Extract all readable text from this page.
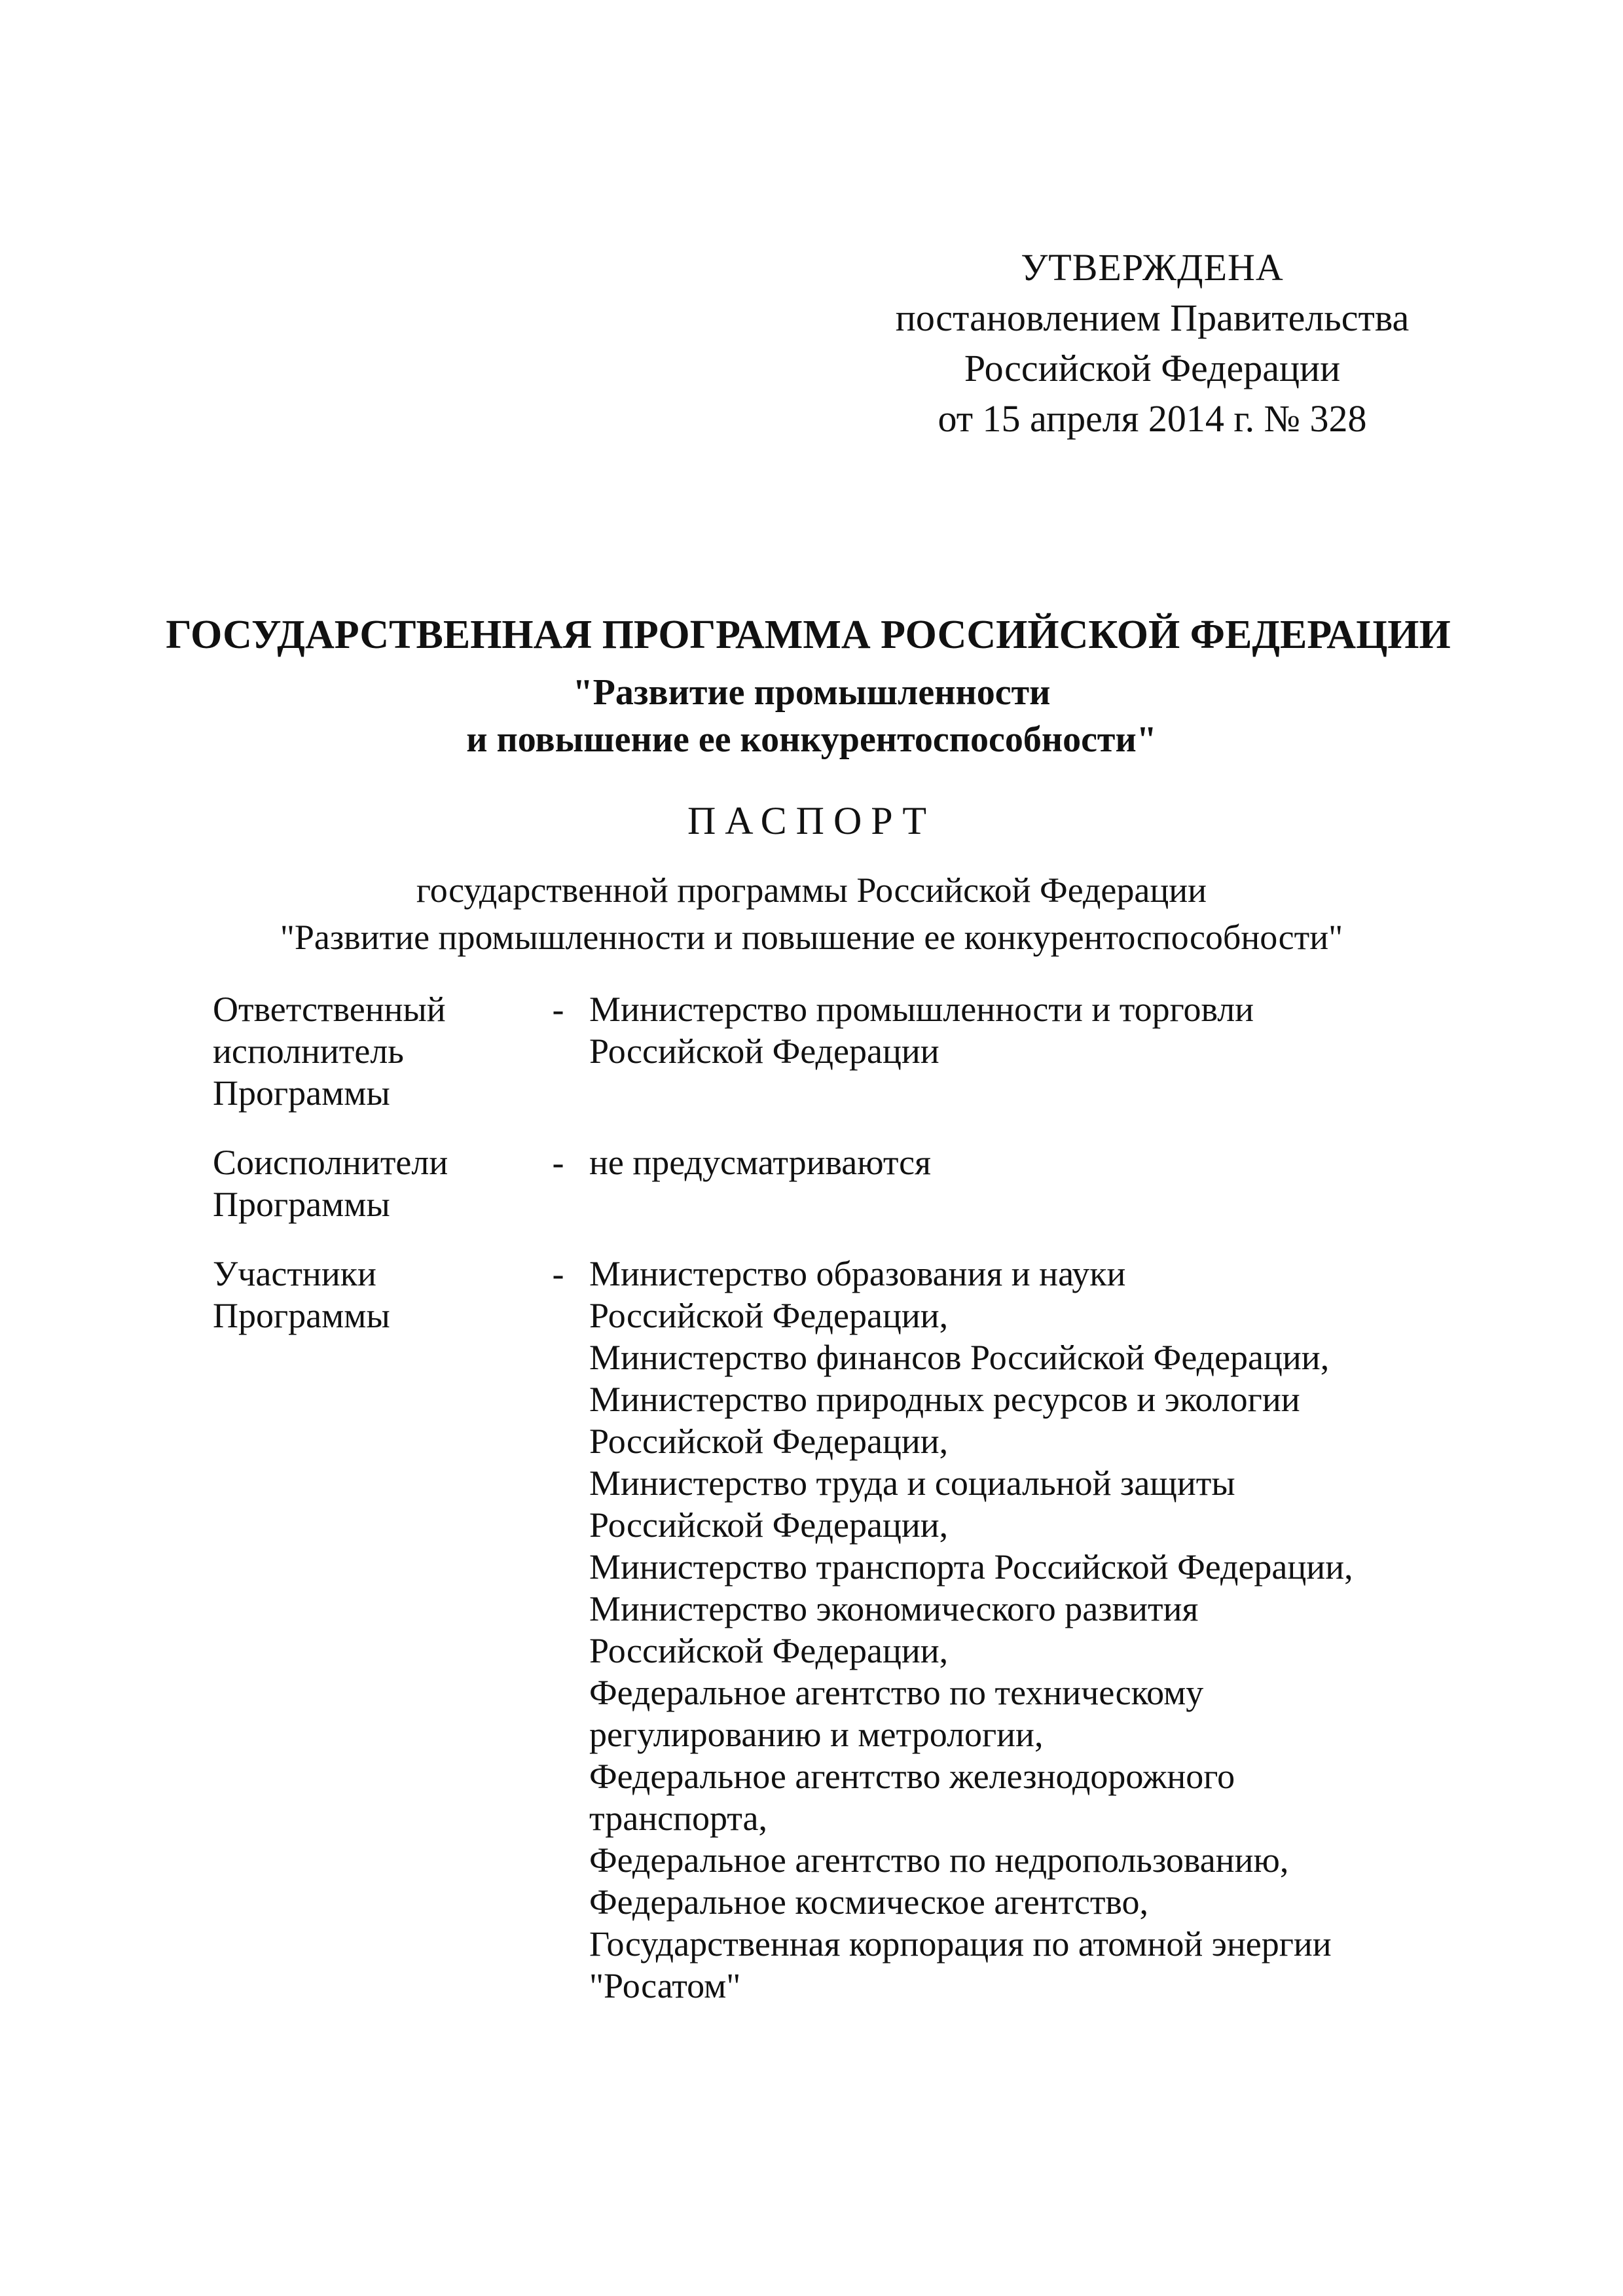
УТВЕРЖДЕНА
постановлением Правительства
Российской Федерации
от 15 апреля 2014 г. № 328
ГОСУДАРСТВЕННАЯ ПРОГРАММА РОССИЙСКОЙ ФЕДЕРАЦИИ
"Развитие промышленности
и повышение ее конкурентоспособности"
ПАСПОРТ
государственной программы Российской Федерации
"Развитие промышленности и повышение ее конкурентоспособности"
Ответственный
исполнитель
Программы
- Министерство промышленности и торговли
Российской Федерации
Соисполнители
Программы
- не предусматриваются
Участники
Программы
- Министерство образования и науки
Российской Федерации,
Министерство финансов Российской Федерации,
Министерство природных ресурсов и экологии
Российской Федерации,
Министерство труда и социальной защиты
Российской Федерации,
Министерство транспорта Российской Федерации,
Министерство экономического развития
Российской Федерации,
Федеральное агентство по техническому
регулированию и метрологии,
Федеральное агентство железнодорожного
транспорта,
Федеральное агентство по недропользованию,
Федеральное космическое агентство,
Государственная корпорация по атомной энергии
"Росатом"
